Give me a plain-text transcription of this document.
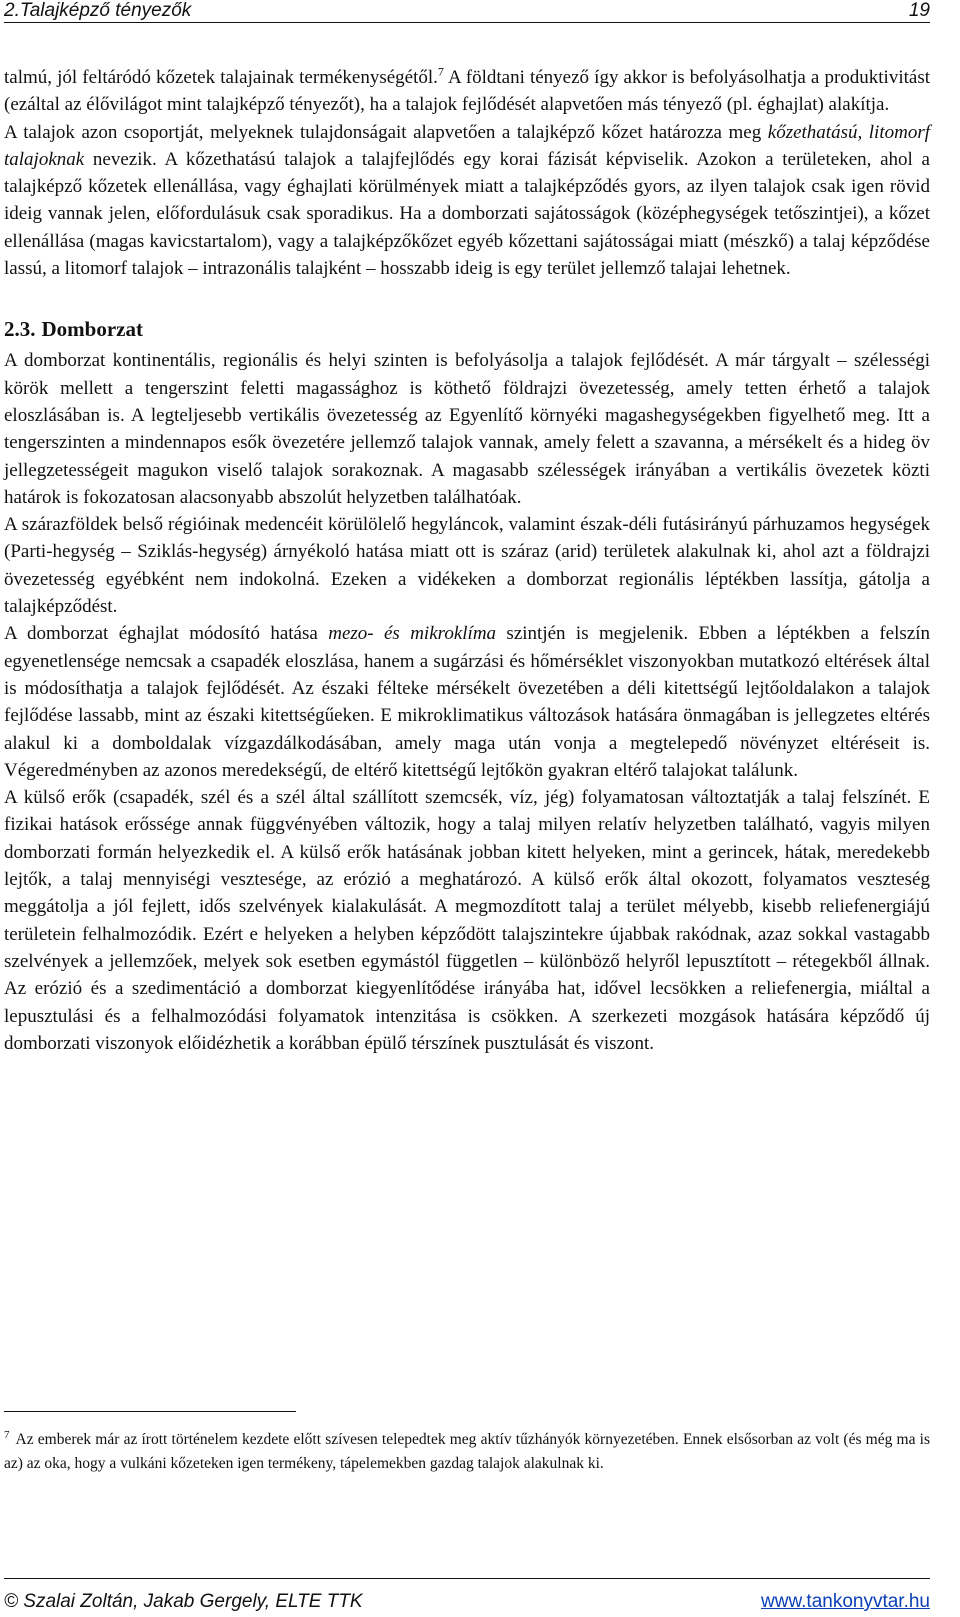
2.Talajképző tényezők	19

talmú, jól feltáródó kőzetek talajainak termékenységétől.$^7$ A földtani tényező így akkor is befolyásolhatja a produktivitást (ezáltal az élővilágot mint talajképző tényezőt), ha a talajok fejlődését alapvetően más tényező (pl. éghajlat) alakítja.

A talajok azon csoportját, melyeknek tulajdonságait alapvetően a talajképző kőzet határozza meg kőzethatású, litomorf talajoknak nevezik. A kőzethatású talajok a talajfejlődés egy korai fázisát képviselik. Azokon a területeken, ahol a talajképző kőzetek ellenállása, vagy éghajlati körülmények miatt a talajképződés gyors, az ilyen talajok csak igen rövid ideig vannak jelen, előfordulásuk csak sporadikus. Ha a domborzati sajátosságok (középhegységek tetőszintjei), a kőzet ellenállása (magas kavicstartalom), vagy a talajképzőkőzet egyéb kőzettani sajátosságai miatt (mészkő) a talaj képződése lassú, a litomorf talajok – intrazonális talajként – hosszabb ideig is egy terület jellemző talajai lehetnek.

2.3. Domborzat

A domborzat kontinentális, regionális és helyi szinten is befolyásolja a talajok fejlődését. A már tárgyalt – szélességi körök mellett a tengerszint feletti magassághoz is köthető földrajzi övezetesség, amely tetten érhető a talajok eloszlásában is. A legteljesebb vertikális övezetesség az Egyenlítő környéki magashegységekben figyelhető meg. Itt a tengerszinten a mindennapos esők övezetére jellemző talajok vannak, amely felett a szavanna, a mérsékelt és a hideg öv jellegzetességeit magukon viselő talajok sorakoznak. A magasabb szélességek irányában a vertikális övezetek közti határok is fokozatosan alacsonyabb abszolút helyzetben találhatóak.

A szárazföldek belső régióinak medencéit körülölelő hegyláncok, valamint észak-déli futásirányú párhuzamos hegységek (Parti-hegység – Sziklás-hegység) árnyékoló hatása miatt ott is száraz (arid) területek alakulnak ki, ahol azt a földrajzi övezetesség egyébként nem indokolná. Ezeken a vidékeken a domborzat regionális léptékben lassítja, gátolja a talajképződést.

A domborzat éghajlat módosító hatása mezo- és mikroklíma szintjén is megjelenik. Ebben a léptékben a felszín egyenetlensége nemcsak a csapadék eloszlása, hanem a sugárzási és hőmérséklet viszonyokban mutatkozó eltérések által is módosíthatja a talajok fejlődését. Az északi félteke mérsékelt övezetében a déli kitettségű lejtőoldalakon a talajok fejlődése lassabb, mint az északi kitettségűeken. E mikroklimatikus változások hatására önmagában is jellegzetes eltérés alakul ki a domboldalak vízgazdálkodásában, amely maga után vonja a megtelepedő növényzet eltéréseit is. Végeredményben az azonos meredekségű, de eltérő kitettségű lejtőkön gyakran eltérő talajokat találunk.

A külső erők (csapadék, szél és a szél által szállított szemcsék, víz, jég) folyamatosan változtatják a talaj felszínét. E fizikai hatások erőssége annak függvényében változik, hogy a talaj milyen relatív helyzetben található, vagyis milyen domborzati formán helyezkedik el. A külső erők hatásának jobban kitett helyeken, mint a gerincek, hátak, meredekebb lejtők, a talaj mennyiségi vesztesége, az erózió a meghatározó. A külső erők által okozott, folyamatos veszteség meggátolja a jól fejlett, idős szelvények kialakulását. A megmozdított talaj a terület mélyebb, kisebb reliefenergiájú területein felhalmozódik. Ezért e helyeken a helyben képződött talajszintekre újabbak rakódnak, azaz sokkal vastagabb szelvények a jellemzőek, melyek sok esetben egymástól független – különböző helyről lepusztított – rétegekből állnak. Az erózió és a szedimentáció a domborzat kiegyenlítődése irányába hat, idővel lecsökken a reliefenergia, miáltal a lepusztulási és a felhalmozódási folyamatok intenzitása is csökken. A szerkezeti mozgások hatására képződő új domborzati viszonyok előidézhetik a korábban épülő térszínek pusztulását és viszont.

$^7$ Az emberek már az írott történelem kezdete előtt szívesen telepedtek meg aktív tűzhányók környezetében. Ennek elsősorban az volt (és még ma is az) az oka, hogy a vulkáni kőzeteken igen termékeny, tápelemekben gazdag talajok alakulnak ki.
© Szalai Zoltán, Jakab Gergely, ELTE TTK	www.tankonyvtar.hu
